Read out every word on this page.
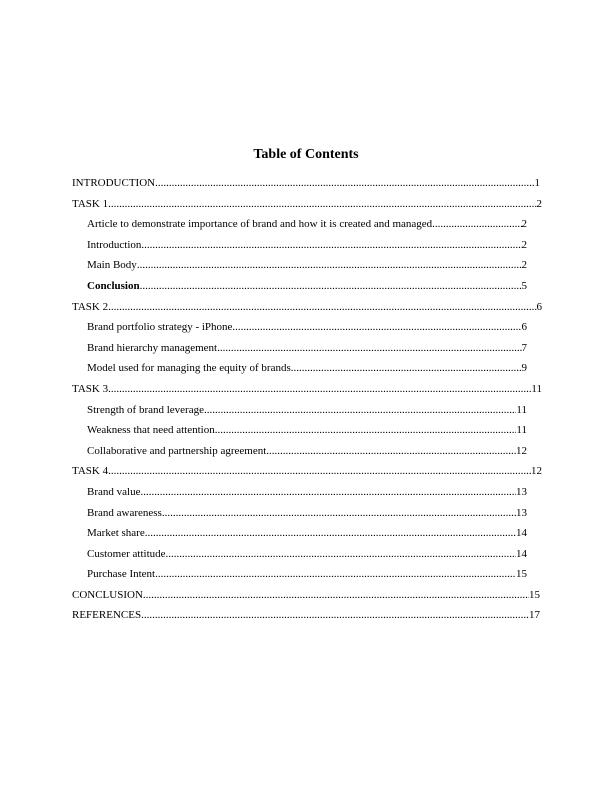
Table of Contents
INTRODUCTION .....	1
TASK 1 .....	2
Article to demonstrate importance of brand and how it is created and managed .....	2
Introduction .....	2
Main Body .....	2
Conclusion .....	5
TASK 2 .....	6
Brand portfolio strategy - iPhone .....	6
Brand hierarchy management .....	7
Model used for managing the equity of brands .....	9
TASK 3 .....	11
Strength of brand leverage .....	11
Weakness that need attention .....	11
Collaborative and partnership agreement .....	12
TASK 4 .....	12
Brand value .....	13
Brand awareness .....	13
Market share .....	14
Customer attitude .....	14
Purchase Intent .....	15
CONCLUSION .....	15
REFERENCES .....	17
